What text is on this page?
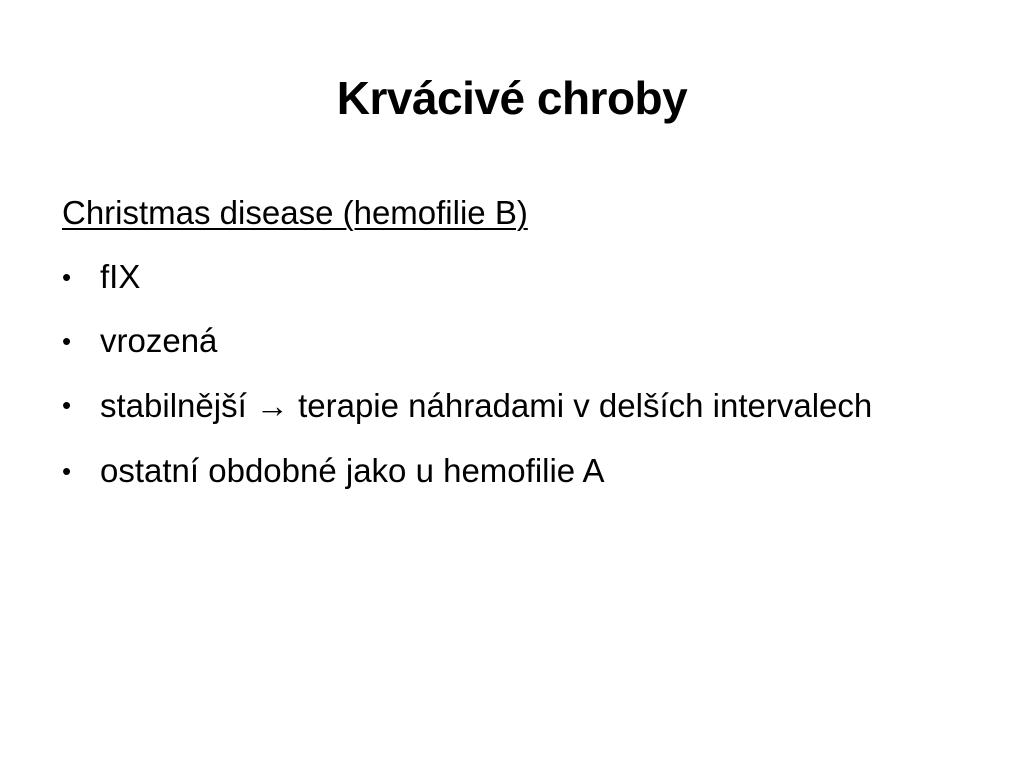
Krvácivé chroby
Christmas disease (hemofilie B)
• fIX
• vrozená
• stabilnější → terapie náhradami v delších intervalech
• ostatní obdobné jako u hemofilie A
